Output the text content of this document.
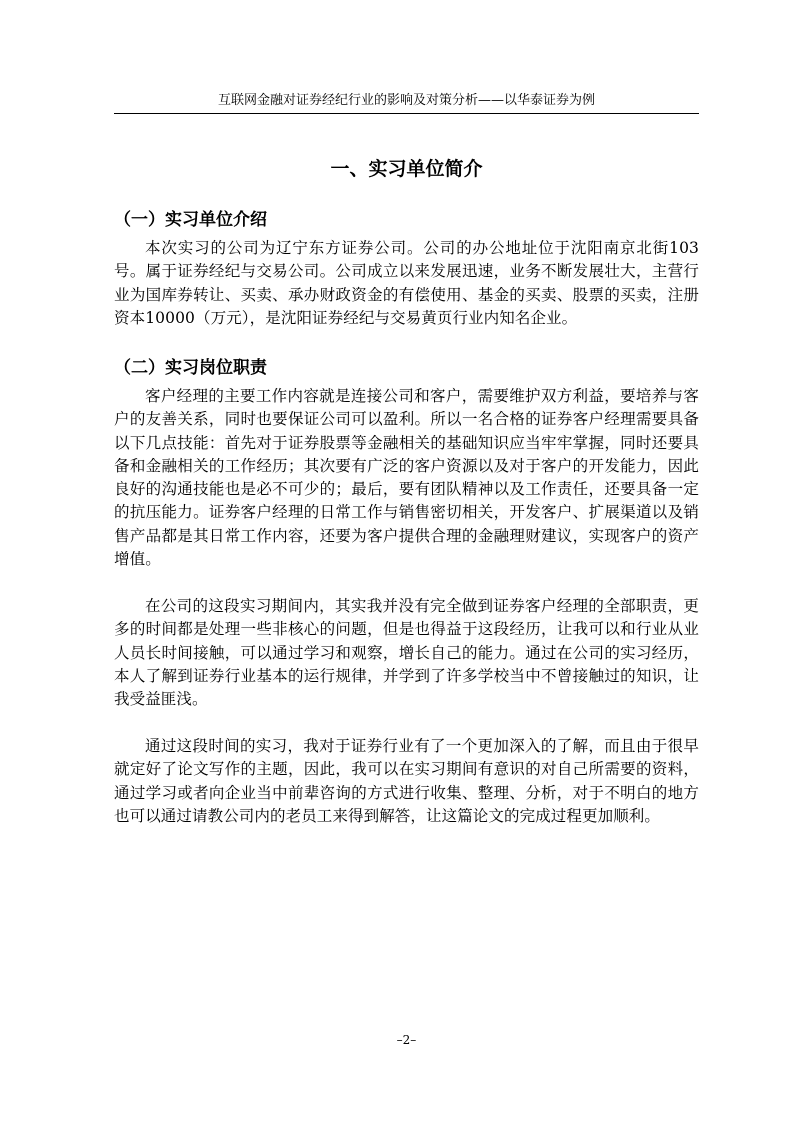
互联网金融对证券经纪行业的影响及对策分析——以华泰证券为例
一、实习单位简介
（一）实习单位介绍

本次实习的公司为辽宁东方证券公司。公司的办公地址位于沈阳南京北街103号。属于证券经纪与交易公司。公司成立以来发展迅速，业务不断发展壮大，主营行业为国库券转让、买卖、承办财政资金的有偿使用、基金的买卖、股票的买卖，注册资本10000（万元），是沈阳证券经纪与交易黄页行业内知名企业。

（二）实习岗位职责

客户经理的主要工作内容就是连接公司和客户，需要维护双方利益，要培养与客户的友善关系，同时也要保证公司可以盈利。所以一名合格的证券客户经理需要具备以下几点技能：首先对于证券股票等金融相关的基础知识应当牢牢掌握，同时还要具备和金融相关的工作经历；其次要有广泛的客户资源以及对于客户的开发能力，因此良好的沟通技能也是必不可少的；最后，要有团队精神以及工作责任，还要具备一定的抗压能力。证券客户经理的日常工作与销售密切相关，开发客户、扩展渠道以及销售产品都是其日常工作内容，还要为客户提供合理的金融理财建议，实现客户的资产增值。

在公司的这段实习期间内，其实我并没有完全做到证券客户经理的全部职责，更多的时间都是处理一些非核心的问题，但是也得益于这段经历，让我可以和行业从业人员长时间接触，可以通过学习和观察，增长自己的能力。通过在公司的实习经历，本人了解到证券行业基本的运行规律，并学到了许多学校当中不曾接触过的知识，让我受益匪浅。

通过这段时间的实习，我对于证券行业有了一个更加深入的了解，而且由于很早就定好了论文写作的主题，因此，我可以在实习期间有意识的对自己所需要的资料，通过学习或者向企业当中前辈咨询的方式进行收集、整理、分析，对于不明白的地方也可以通过请教公司内的老员工来得到解答，让这篇论文的完成过程更加顺利。

–2–
